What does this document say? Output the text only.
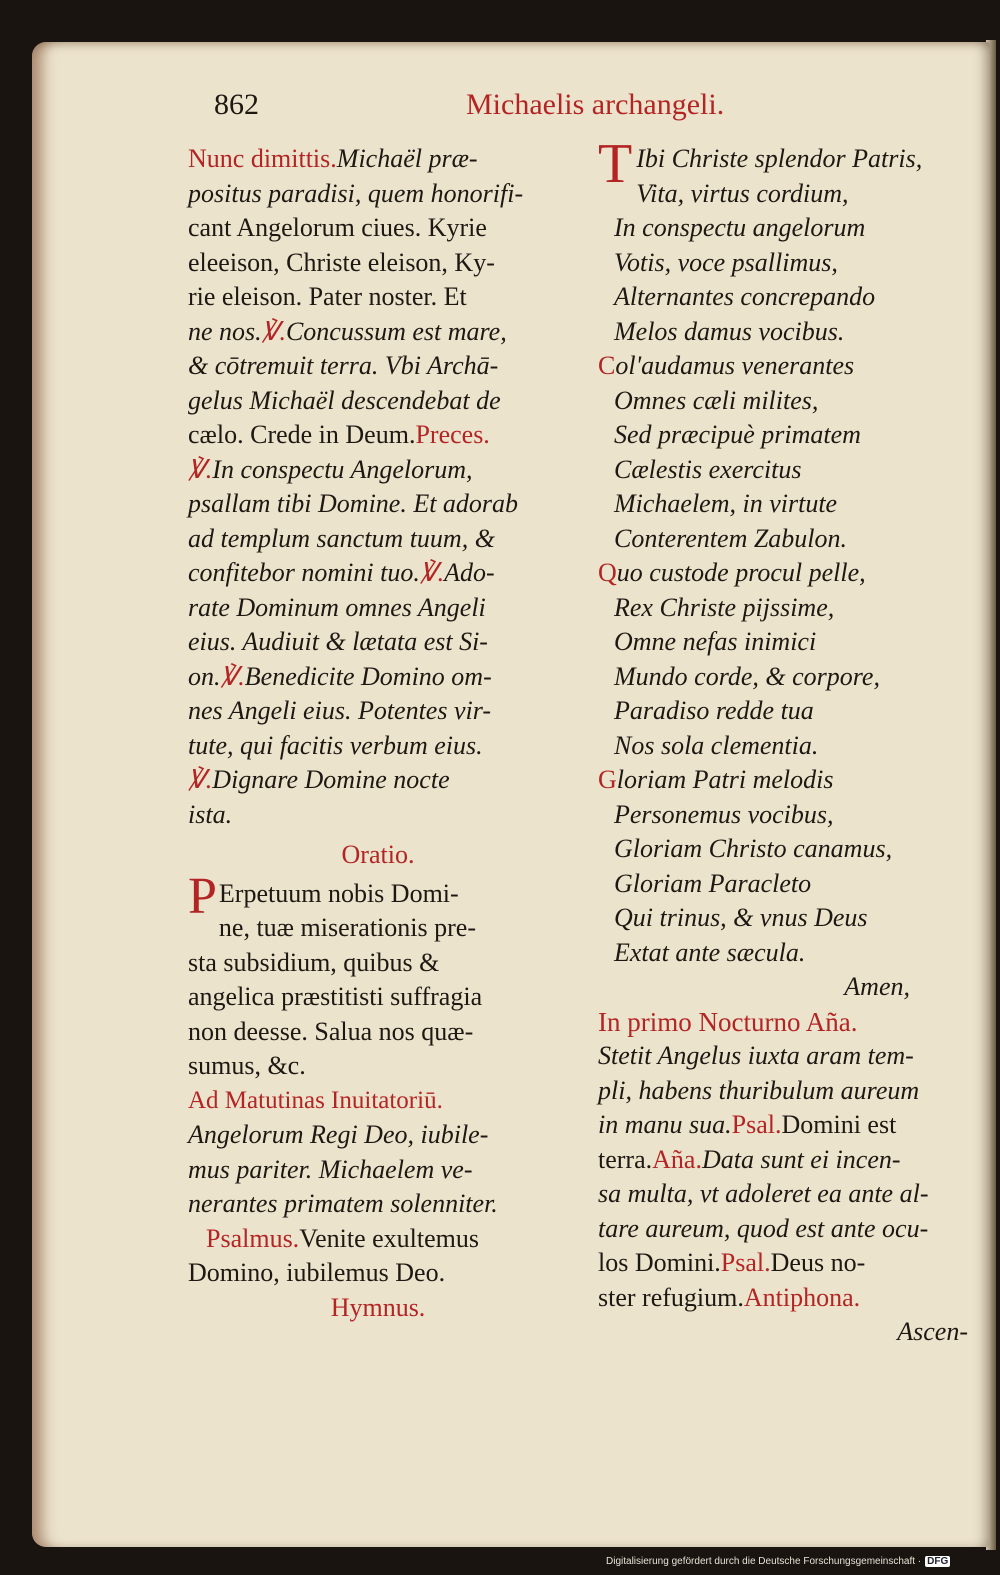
862	Michaelis archangeli.
Nunc dimittis.Michaël præ-
positus paradisi, quem honorifi-
cant Angelorum ciues. Kyrie
eleeison, Christe eleison, Ky-
rie eleison. Pater noster. Et
ne nos.℣.Concussum est mare,
& cōtremuit terra. Vbi Archā-
gelus Michaël descendebat de
cælo. Crede in Deum.Preces.
℣.In conspectu Angelorum,
psallam tibi Domine. Et adorab
ad templum sanctum tuum, &
confitebor nomini tuo.℣.Ado-
rate Dominum omnes Angeli
eius. Audiuit & lætata est Si-
on.℣.Benedicite Domino om-
nes Angeli eius. Potentes vir-
tute, qui facitis verbum eius.
℣.Dignare Domine nocte
ista.
Oratio.
P Erpetuum nobis Domi-
ne, tuæ miserationis pre-
sta subsidium, quibus &
angelica præstitisti suffragia
non deesse. Salua nos quæ-
sumus, &c.
Ad Matutinas Inuitatoriū.
Angelorum Regi Deo, iubile-
mus pariter. Michaelem ve-
nerantes primatem solenniter.
Psalmus.Venite exultemus
Domino, iubilemus Deo.
Hymnus.
T Ibi Christe splendor Patris,
Vita, virtus cordium,
In conspectu angelorum
Votis, voce psallimus,
Alternantes concrepando
Melos damus vocibus.
Col'audamus venerantes
Omnes cæli milites,
Sed præcipuè primatem
Cælestis exercitus
Michaelem, in virtute
Conterentem Zabulon.
Quo custode procul pelle,
Rex Christe pijssime,
Omne nefas inimici
Mundo corde, & corpore,
Paradiso redde tua
Nos sola clementia.
Gloriam Patri melodis
Personemus vocibus,
Gloriam Christo canamus,
Gloriam Paracleto
Qui trinus, & vnus Deus
Extat ante sæcula.
Amen,
In primo Nocturno Aña.
Stetit Angelus iuxta aram tem-
pli, habens thuribulum aureum
in manu sua.Psal.Domini est
terra.Aña.Data sunt ei incen-
sa multa, vt adoleret ea ante al-
tare aureum, quod est ante ocu-
los Domini.Psal.Deus no-
ster refugium.Antiphona.
Ascen-
Digitalisierung gefördert durch die Deutsche Forschungsgemeinschaft · DFG
